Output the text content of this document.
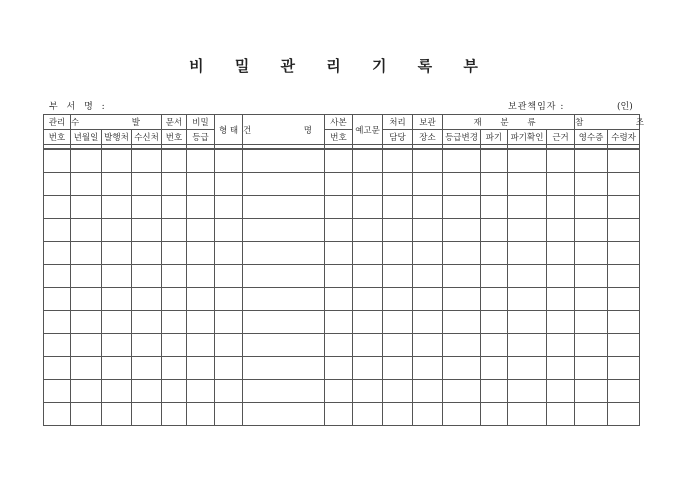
비 밀 관 리 기 록 부
부 서 명 :	보관책임자 :	(인)
관리	수　발			문서	비밀	형 태	건　명	사본	예고문	처리	보관	재 분 류				참　조	
번호	년월일	발행처	수신처	번호	등급			번호		담당	장소	등급변경	파기	파기확인	근거	영수증	수령자
